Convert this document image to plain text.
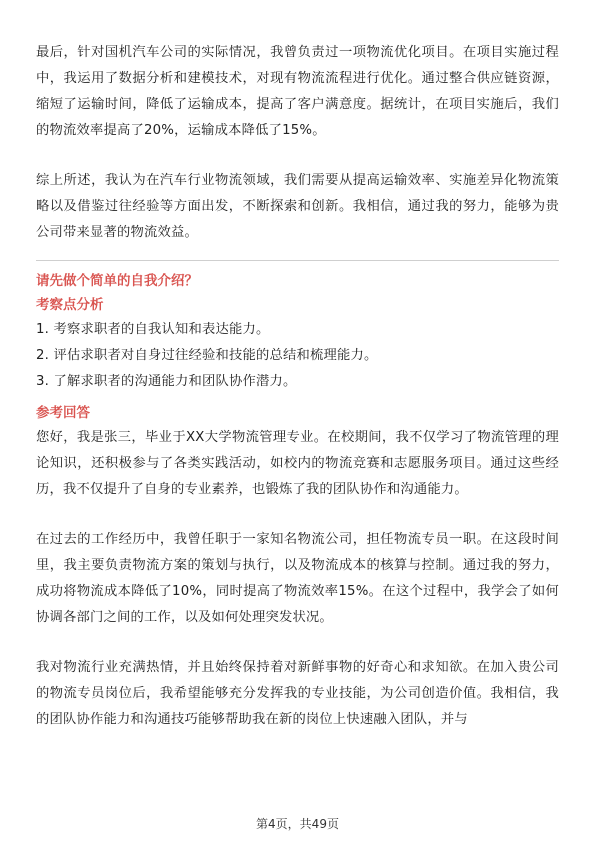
最后，针对国机汽车公司的实际情况，我曾负责过一项物流优化项目。在项目实施过程中，我运用了数据分析和建模技术，对现有物流流程进行优化。通过整合供应链资源，缩短了运输时间，降低了运输成本，提高了客户满意度。据统计，在项目实施后，我们的物流效率提高了20%，运输成本降低了15%。

综上所述，我认为在汽车行业物流领域，我们需要从提高运输效率、实施差异化物流策略以及借鉴过往经验等方面出发，不断探索和创新。我相信，通过我的努力，能够为贵公司带来显著的物流效益。

请先做个简单的自我介绍？
考察点分析

1. 考察求职者的自我认知和表达能力。

2. 评估求职者对自身过往经验和技能的总结和梳理能力。

3. 了解求职者的沟通能力和团队协作潜力。

参考回答

您好，我是张三，毕业于XX大学物流管理专业。在校期间，我不仅学习了物流管理的理论知识，还积极参与了各类实践活动，如校内的物流竞赛和志愿服务项目。通过这些经历，我不仅提升了自身的专业素养，也锻炼了我的团队协作和沟通能力。

在过去的工作经历中，我曾任职于一家知名物流公司，担任物流专员一职。在这段时间里，我主要负责物流方案的策划与执行，以及物流成本的核算与控制。通过我的努力，成功将物流成本降低了10%，同时提高了物流效率15%。在这个过程中，我学会了如何协调各部门之间的工作，以及如何处理突发状况。

我对物流行业充满热情，并且始终保持着对新鲜事物的好奇心和求知欲。在加入贵公司的物流专员岗位后，我希望能够充分发挥我的专业技能，为公司创造价值。我相信，我的团队协作能力和沟通技巧能够帮助我在新的岗位上快速融入团队，并与

第4页，共49页
